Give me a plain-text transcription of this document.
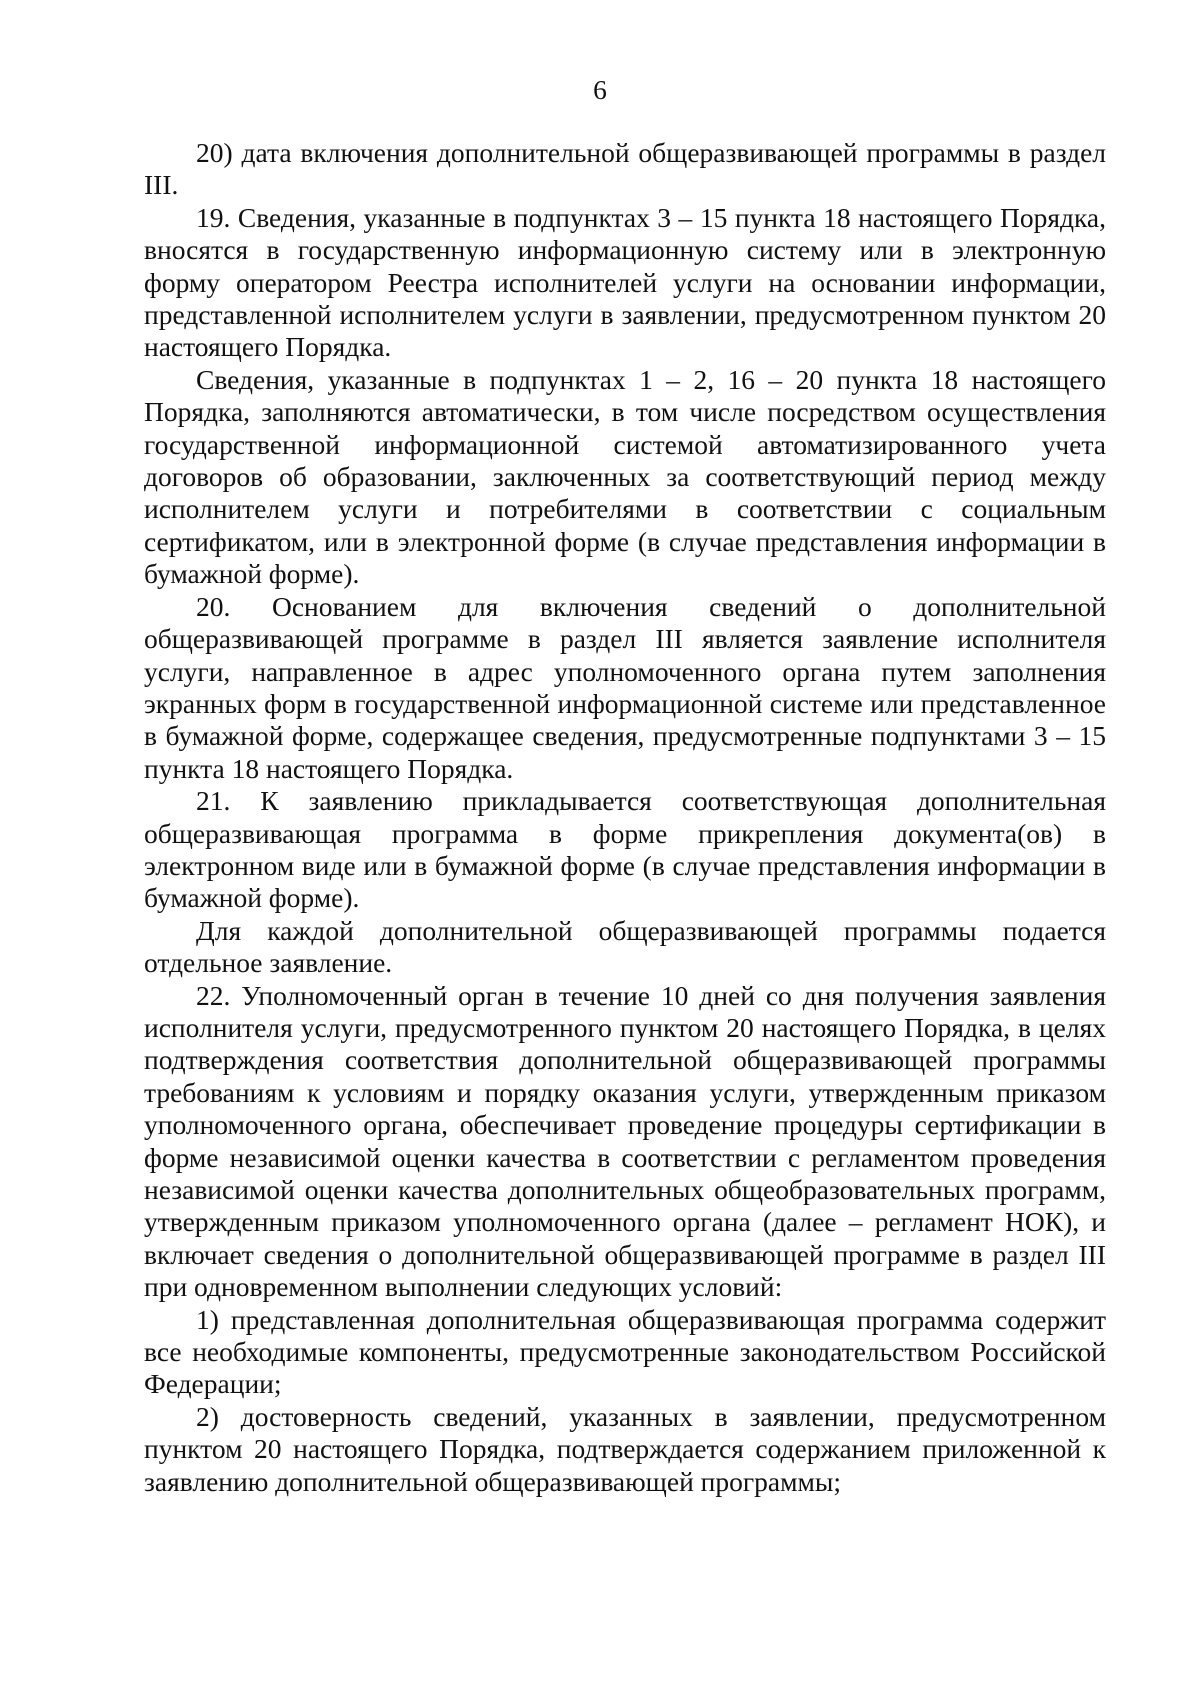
6

20) дата включения дополнительной общеразвивающей программы в раздел III.

19. Сведения, указанные в подпунктах 3 – 15 пункта 18 настоящего Порядка, вносятся в государственную информационную систему или в электронную форму оператором Реестра исполнителей услуги на основании информации, представленной исполнителем услуги в заявлении, предусмотренном пунктом 20 настоящего Порядка.

Сведения, указанные в подпунктах 1 – 2, 16 – 20 пункта 18 настоящего Порядка, заполняются автоматически, в том числе посредством осуществления государственной информационной системой автоматизированного учета договоров об образовании, заключенных за соответствующий период между исполнителем услуги и потребителями в соответствии с социальным сертификатом, или в электронной форме (в случае представления информации в бумажной форме).

20. Основанием для включения сведений о дополнительной общеразвивающей программе в раздел III является заявление исполнителя услуги, направленное в адрес уполномоченного органа путем заполнения экранных форм в государственной информационной системе или представленное в бумажной форме, содержащее сведения, предусмотренные подпунктами 3 – 15 пункта 18 настоящего Порядка.

21. К заявлению прикладывается соответствующая дополнительная общеразвивающая программа в форме прикрепления документа(ов) в электронном виде или в бумажной форме (в случае представления информации в бумажной форме).

Для каждой дополнительной общеразвивающей программы подается отдельное заявление.

22. Уполномоченный орган в течение 10 дней со дня получения заявления исполнителя услуги, предусмотренного пунктом 20 настоящего Порядка, в целях подтверждения соответствия дополнительной общеразвивающей программы требованиям к условиям и порядку оказания услуги, утвержденным приказом уполномоченного органа, обеспечивает проведение процедуры сертификации в форме независимой оценки качества в соответствии с регламентом проведения независимой оценки качества дополнительных общеобразовательных программ, утвержденным приказом уполномоченного органа (далее – регламент НОК), и включает сведения о дополнительной общеразвивающей программе в раздел III при одновременном выполнении следующих условий:

1) представленная дополнительная общеразвивающая программа содержит все необходимые компоненты, предусмотренные законодательством Российской Федерации;

2) достоверность сведений, указанных в заявлении, предусмотренном пунктом 20 настоящего Порядка, подтверждается содержанием приложенной к заявлению дополнительной общеразвивающей программы;
